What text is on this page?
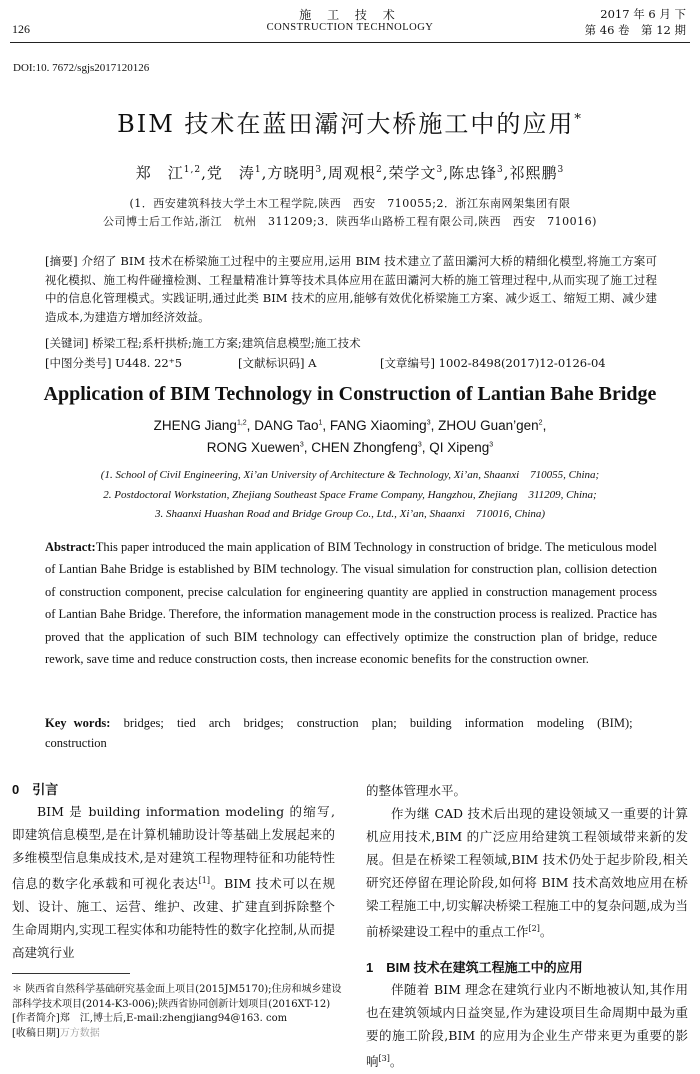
126
施 工 技 术
CONSTRUCTION TECHNOLOGY
2017 年 6 月 下
第 46 卷　第 12 期
DOI:10. 7672/sgjs2017120126
BIM 技术在蓝田灞河大桥施工中的应用*
郑　江$^{1,2}$,党　涛$^1$,方晓明$^3$,周观根$^2$,荣学文$^3$,陈忠锋$^3$,祁熙鹏$^3$
(1．西安建筑科技大学土木工程学院,陕西　西安　710055;2．浙江东南网架集团有限
公司博士后工作站,浙江　杭州　311209;3．陕西华山路桥工程有限公司,陕西　西安　710016)
[摘要] 介绍了 BIM 技术在桥梁施工过程中的主要应用,运用 BIM 技术建立了蓝田灞河大桥的精细化模型,将施工方案可视化模拟、施工构件碰撞检测、工程量精准计算等技术具体应用在蓝田灞河大桥的施工管理过程中,从而实现了施工过程中的信息化管理模式。实践证明,通过此类 BIM 技术的应用,能够有效优化桥梁施工方案、减少返工、缩短工期、减少建造成本,为建造方增加经济效益。
[关键词] 桥梁工程;系杆拱桥;施工方案;建筑信息模型;施工技术
[中图分类号] U448. 22⁺5	[文献标识码] A	[文章编号] 1002-8498(2017)12-0126-04
Application of BIM Technology in Construction of Lantian Bahe Bridge
ZHENG Jiang$^{1,2}$, DANG Tao$^1$, FANG Xiaoming$^3$, ZHOU Guan’gen$^2$,
RONG Xuewen$^3$, CHEN Zhongfeng$^3$, QI Xipeng$^3$
(1. School of Civil Engineering, Xi’an University of Architecture & Technology, Xi’an, Shaanxi　710055, China;
2. Postdoctoral Workstation, Zhejiang Southeast Space Frame Company, Hangzhou, Zhejiang　311209, China;
3. Shaanxi Huashan Road and Bridge Group Co., Ltd., Xi’an, Shaanxi　710016, China)
Abstract:This paper introduced the main application of BIM Technology in construction of bridge. The meticulous model of Lantian Bahe Bridge is established by BIM technology. The visual simulation for construction plan, collision detection of construction component, precise calculation for engineering quantity are applied in construction management process of Lantian Bahe Bridge. Therefore, the information management mode in the construction process is realized. Practice has proved that the application of such BIM technology can effectively optimize the construction plan of bridge, reduce rework, save time and reduce construction costs, then increase economic benefits for the construction owner.
Key words: bridges; tied arch bridges; construction plan; building information modeling (BIM); construction
0　引言
BIM 是 building information modeling 的缩写,即建筑信息模型,是在计算机辅助设计等基础上发展起来的多维模型信息集成技术,是对建筑工程物理特征和功能特性信息的数字化承载和可视化表达[1]。BIM 技术可以在规划、设计、施工、运营、维护、改建、扩建直到拆除整个生命周期内,实现工程实体和功能特性的数字化控制,从而提高建筑行业

＊ 陕西省自然科学基础研究基金面上项目(2015JM5170);住房和城乡建设部科学技术项目(2014-K3-006);陕西省协同创新计划项目(2016XT-12)

[作者简介]郑　江,博士后,E-mail:zhengjiang94@163. com

[收稿日期]万方数据

的整体管理水平。
作为继 CAD 技术后出现的建设领域又一重要的计算机应用技术,BIM 的广泛应用给建筑工程领域带来新的发展。但是在桥梁工程领域,BIM 技术仍处于起步阶段,相关研究还停留在理论阶段,如何将 BIM 技术高效地应用在桥梁工程施工中,切实解决桥梁工程施工中的复杂问题,成为当前桥梁建设工程中的重点工作[2]。
1　BIM 技术在建筑工程施工中的应用
伴随着 BIM 理念在建筑行业内不断地被认知,其作用也在建筑领域内日益突显,作为建设项目生命周期中最为重要的施工阶段,BIM 的应用为企业生产带来更为重要的影响[3]。
